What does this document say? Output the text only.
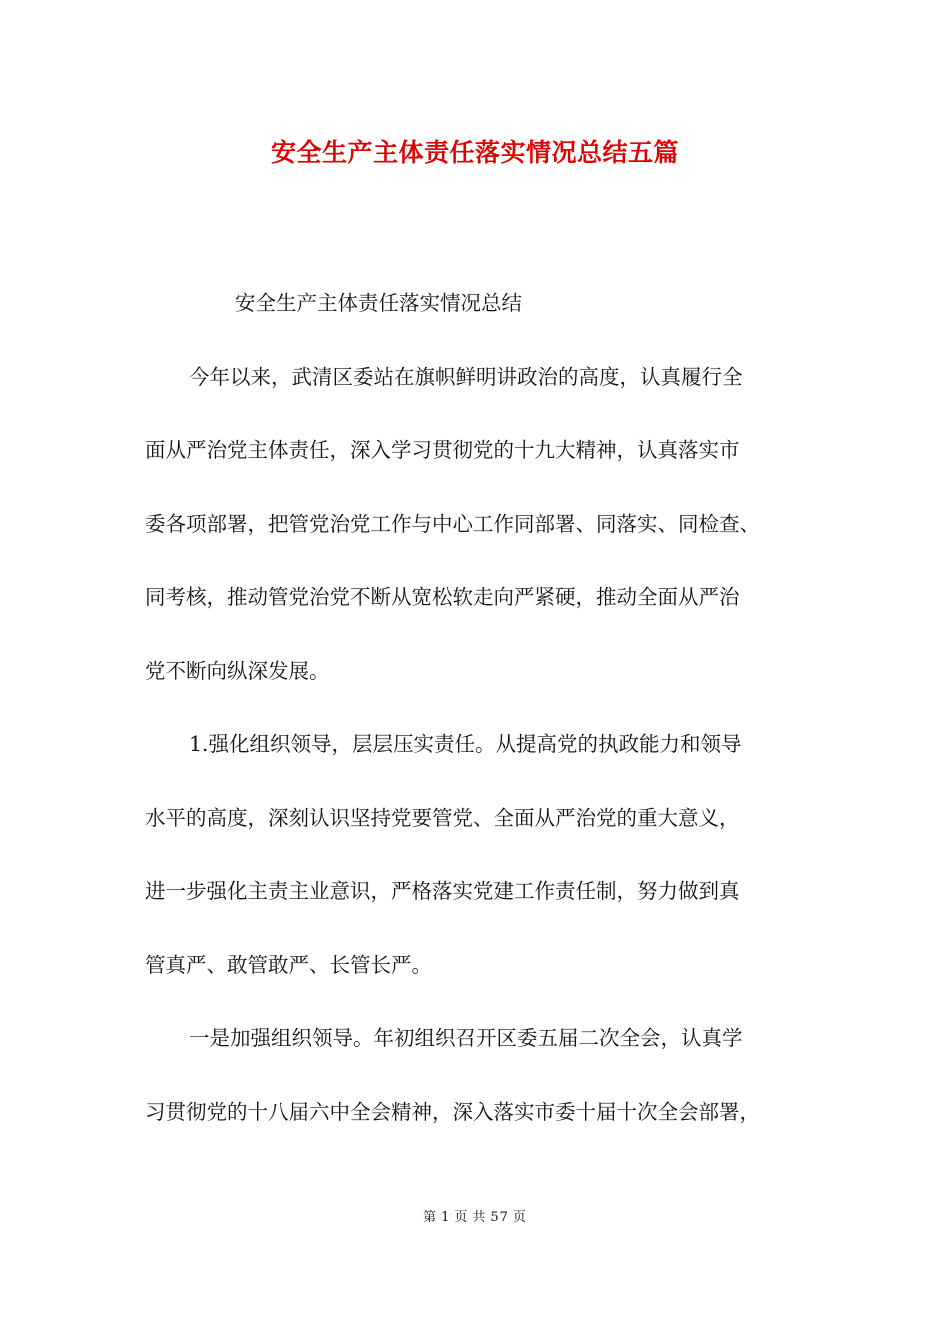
安全生产主体责任落实情况总结五篇

安全生产主体责任落实情况总结

今年以来，武清区委站在旗帜鲜明讲政治的高度，认真履行全
面从严治党主体责任，深入学习贯彻党的十九大精神，认真落实市
委各项部署，把管党治党工作与中心工作同部署、同落实、同检查、
同考核，推动管党治党不断从宽松软走向严紧硬，推动全面从严治
党不断向纵深发展。

1.强化组织领导，层层压实责任。从提高党的执政能力和领导
水平的高度，深刻认识坚持党要管党、全面从严治党的重大意义，
进一步强化主责主业意识，严格落实党建工作责任制，努力做到真
管真严、敢管敢严、长管长严。

一是加强组织领导。年初组织召开区委五届二次全会，认真学
习贯彻党的十八届六中全会精神，深入落实市委十届十次全会部署，

第 1 页 共 57 页
